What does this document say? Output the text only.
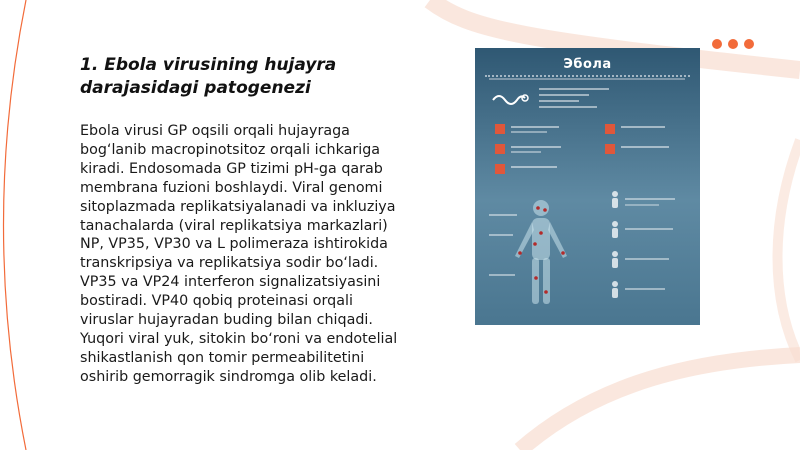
1. Ebola virusining hujayra
darajasidagi patogenezi

Ebola virusi GP oqsili orqali hujayraga
bog‘lanib macropinotsitoz orqali ichkariga
kiradi. Endosomada GP tizimi pH-ga qarab
membrana fuzioni boshlaydi. Viral genomi
sitoplazmada replikatsiyalanadi va inkluziya
tanachalarda (viral replikatsiya markazlari)
NP, VP35, VP30 va L polimeraza ishtirokida
transkripsiya va replikatsiya sodir bo‘ladi.
VP35 va VP24 interferon signalizatsiyasini
bostiradi. VP40 qobiq proteinasi orqali
viruslar hujayradan buding bilan chiqadi.
Yuqori viral yuk, sitokin bo‘roni va endotelial
shikastlanish qon tomir permeabilitetini
oshirib gemorragik sindromga olib keladi.

Эбола
